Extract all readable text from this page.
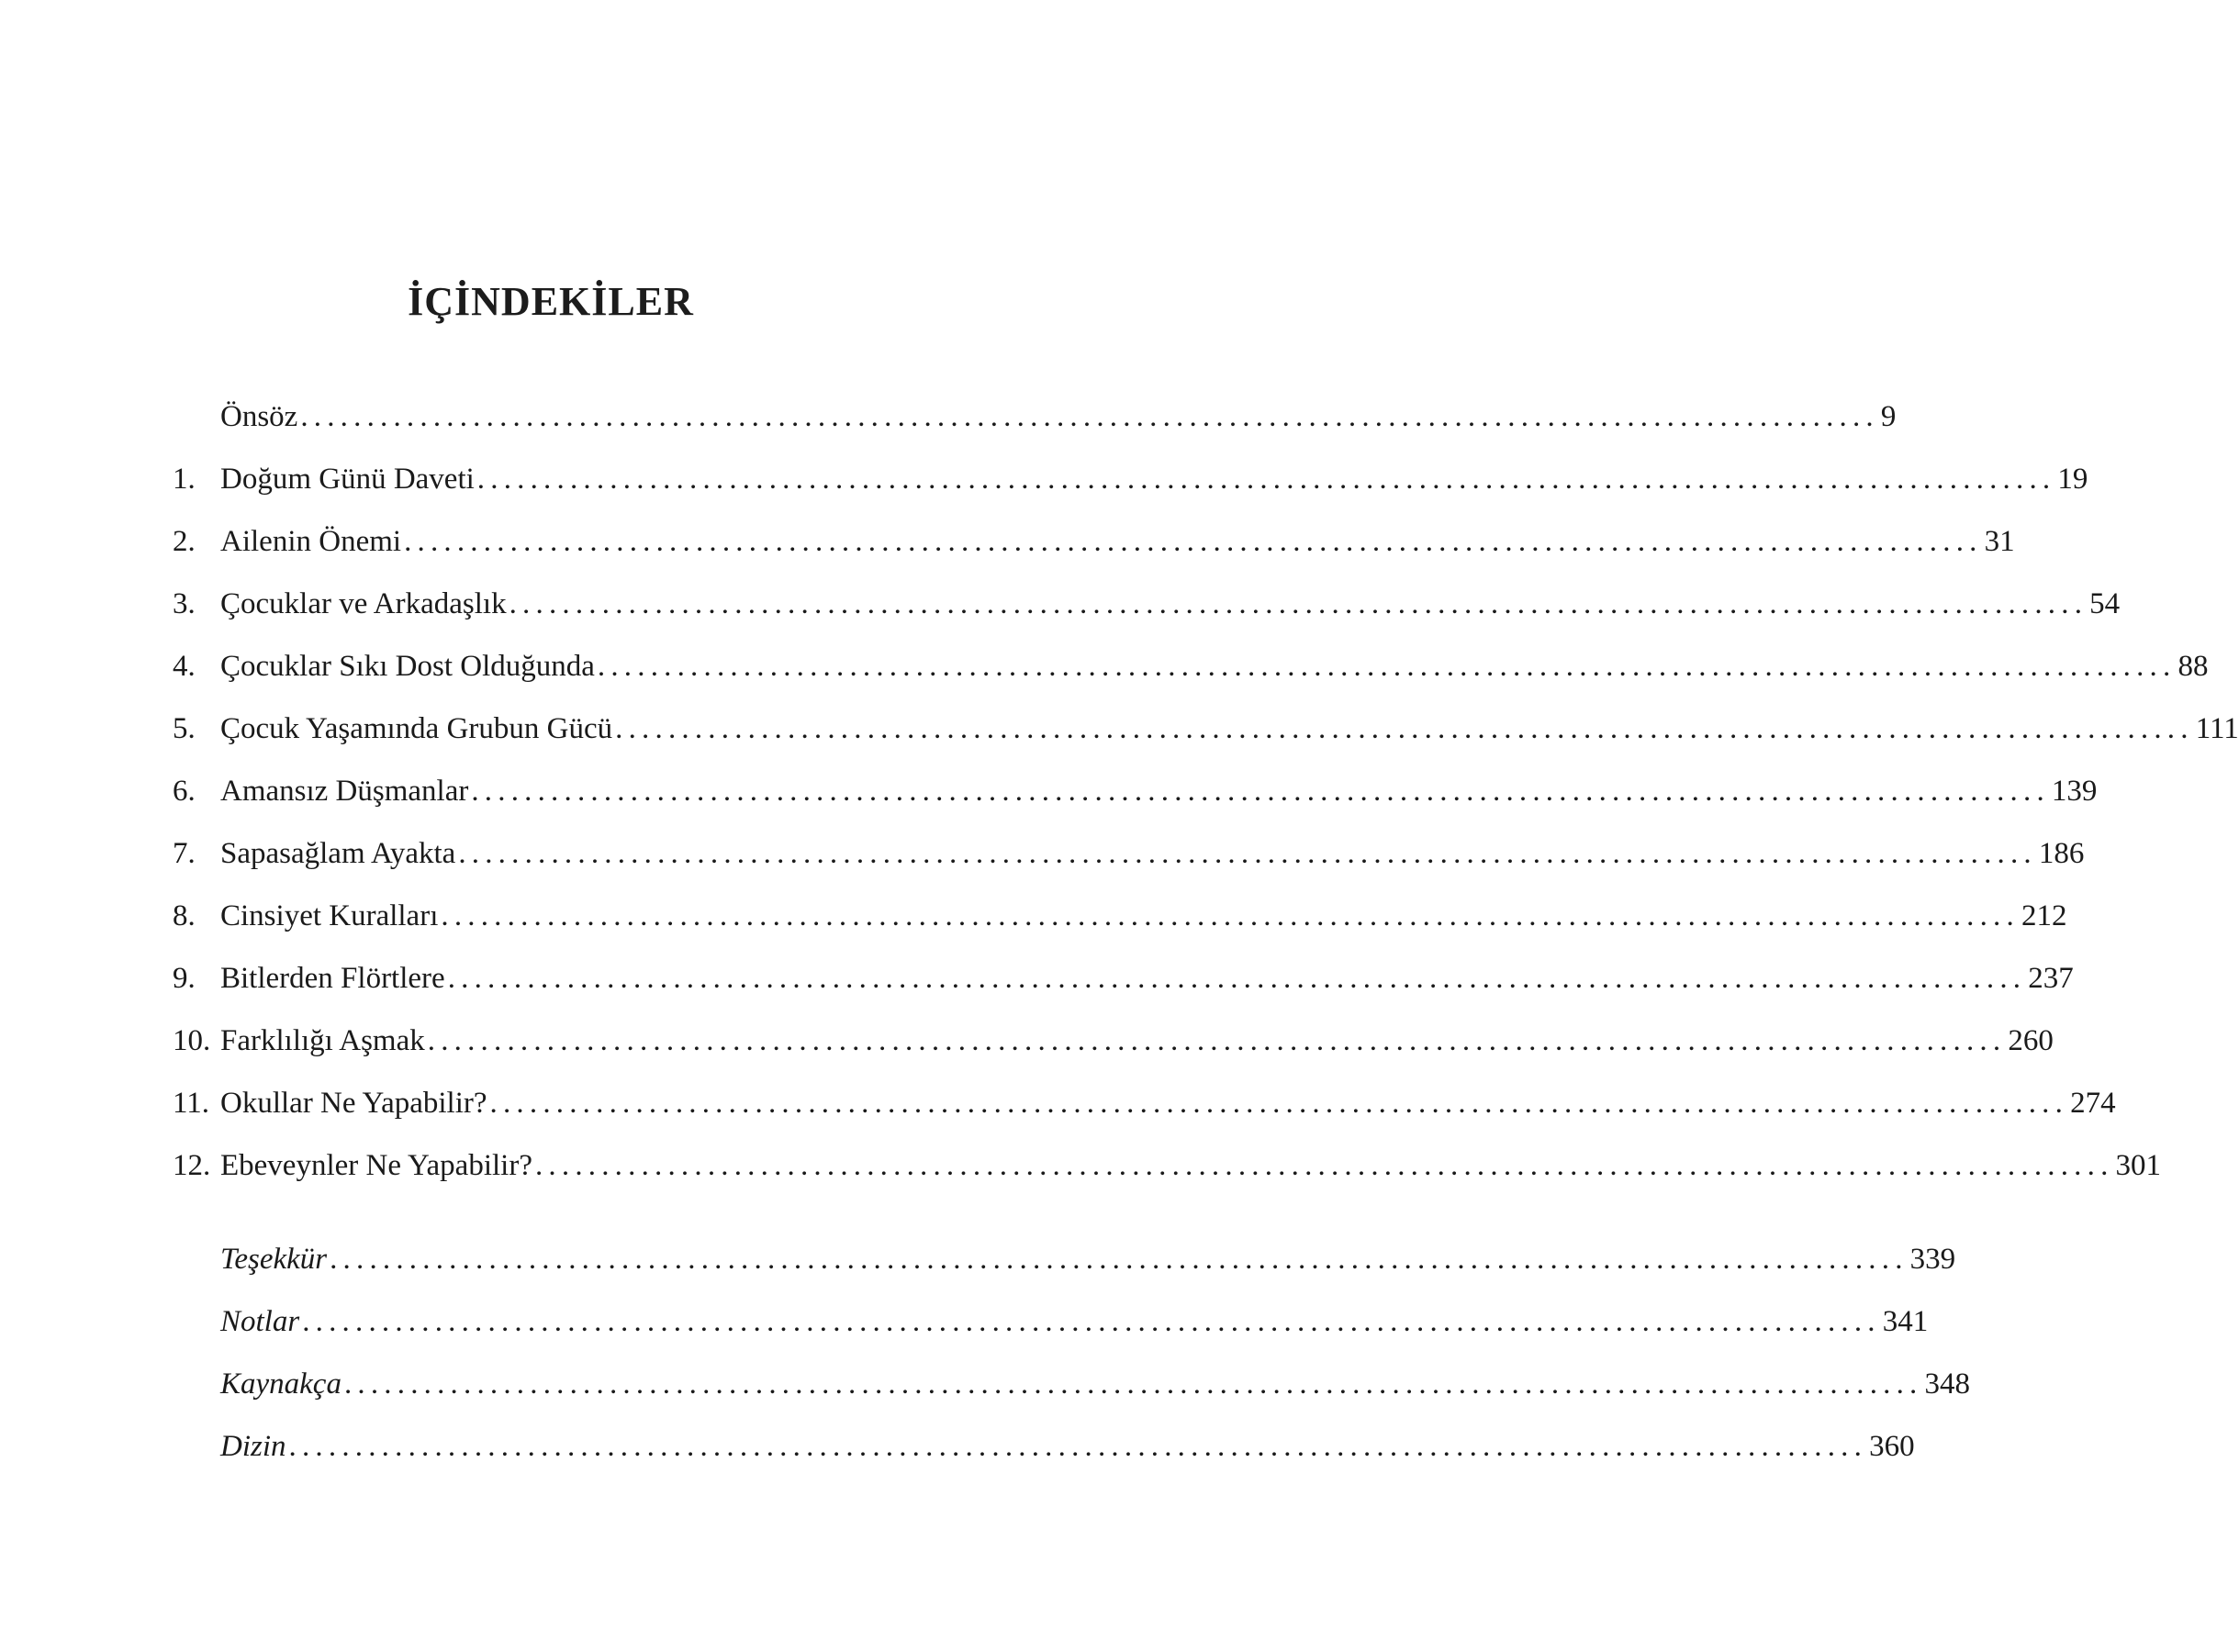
İÇİNDEKİLER
Önsöz ....................................................................................................................... 9
1. Doğum Günü Daveti ....................................................................................................................... 19
2. Ailenin Önemi ....................................................................................................................... 31
3. Çocuklar ve Arkadaşlık ....................................................................................................................... 54
4. Çocuklar Sıkı Dost Olduğunda ....................................................................................................................... 88
5. Çocuk Yaşamında Grubun Gücü ....................................................................................................................... 111
6. Amansız Düşmanlar ....................................................................................................................... 139
7. Sapasağlam Ayakta ....................................................................................................................... 186
8. Cinsiyet Kuralları ....................................................................................................................... 212
9. Bitlerden Flörtlere ....................................................................................................................... 237
10. Farklılığı Aşmak ....................................................................................................................... 260
11. Okullar Ne Yapabilir? ....................................................................................................................... 274
12. Ebeveynler Ne Yapabilir? ....................................................................................................................... 301
Teşekkür ....................................................................................................................... 339
Notlar ....................................................................................................................... 341
Kaynakça ....................................................................................................................... 348
Dizin ....................................................................................................................... 360
